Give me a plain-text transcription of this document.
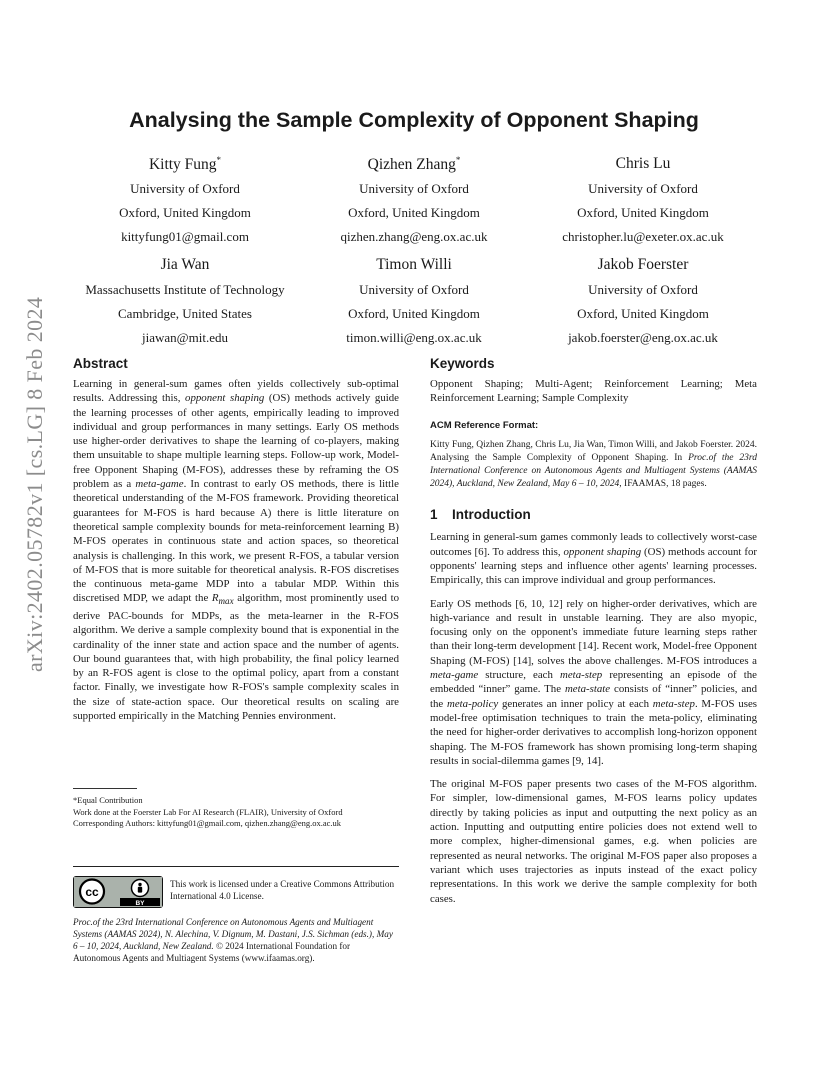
arXiv:2402.05782v1 [cs.LG] 8 Feb 2024
Analysing the Sample Complexity of Opponent Shaping
Kitty Fung*
University of Oxford
Oxford, United Kingdom
kittyfung01@gmail.com
Qizhen Zhang*
University of Oxford
Oxford, United Kingdom
qizhen.zhang@eng.ox.ac.uk
Chris Lu
University of Oxford
Oxford, United Kingdom
christopher.lu@exeter.ox.ac.uk
Jia Wan
Massachusetts Institute of Technology
Cambridge, United States
jiawan@mit.edu
Timon Willi
University of Oxford
Oxford, United Kingdom
timon.willi@eng.ox.ac.uk
Jakob Foerster
University of Oxford
Oxford, United Kingdom
jakob.foerster@eng.ox.ac.uk
Abstract

Learning in general-sum games often yields collectively sub-optimal results. Addressing this, opponent shaping (OS) methods actively guide the learning processes of other agents, empirically leading to improved individual and group performances in many settings. Early OS methods use higher-order derivatives to shape the learning of co-players, making them unsuitable to shape multiple learning steps. Follow-up work, Model-free Opponent Shaping (M-FOS), addresses these by reframing the OS problem as a meta-game. In contrast to early OS methods, there is little theoretical understanding of the M-FOS framework. Providing theoretical guarantees for M-FOS is hard because A) there is little literature on theoretical sample complexity bounds for meta-reinforcement learning B) M-FOS operates in continuous state and action spaces, so theoretical analysis is challenging. In this work, we present R-FOS, a tabular version of M-FOS that is more suitable for theoretical analysis. R-FOS discretises the continuous meta-game MDP into a tabular MDP. Within this discretised MDP, we adapt the $R_{max}$ algorithm, most prominently used to derive PAC-bounds for MDPs, as the meta-learner in the R-FOS algorithm. We derive a sample complexity bound that is exponential in the cardinality of the inner state and action space and the number of agents. Our bound guarantees that, with high probability, the final policy learned by an R-FOS agent is close to the optimal policy, apart from a constant factor. Finally, we investigate how R-FOS's sample complexity scales in the size of state-action space. Our theoretical results on scaling are supported empirically in the Matching Pennies environment.

*Equal Contribution
Work done at the Foerster Lab For AI Research (FLAIR), University of Oxford
Corresponding Authors: kittyfung01@gmail.com, qizhen.zhang@eng.ox.ac.uk
cc
BY
This work is licensed under a Creative Commons Attribution International 4.0 License.
Proc.of the 23rd International Conference on Autonomous Agents and Multiagent Systems (AAMAS 2024), N. Alechina, V. Dignum, M. Dastani, J.S. Sichman (eds.), May 6 – 10, 2024, Auckland, New Zealand. © 2024 International Foundation for Autonomous Agents and Multiagent Systems (www.ifaamas.org).
Keywords

Opponent Shaping; Multi-Agent; Reinforcement Learning; Meta Reinforcement Learning; Sample Complexity

ACM Reference Format:

Kitty Fung, Qizhen Zhang, Chris Lu, Jia Wan, Timon Willi, and Jakob Foerster. 2024. Analysing the Sample Complexity of Opponent Shaping. In Proc.of the 23rd International Conference on Autonomous Agents and Multiagent Systems (AAMAS 2024), Auckland, New Zealand, May 6 – 10, 2024, IFAAMAS, 18 pages.

1 Introduction

Learning in general-sum games commonly leads to collectively worst-case outcomes [6]. To address this, opponent shaping (OS) methods account for opponents' learning steps and influence other agents' learning processes. Empirically, this can improve individual and group performances.

Early OS methods [6, 10, 12] rely on higher-order derivatives, which are high-variance and result in unstable learning. They are also myopic, focusing only on the opponent's immediate future learning steps rather than their long-term development [14]. Recent work, Model-free Opponent Shaping (M-FOS) [14], solves the above challenges. M-FOS introduces a meta-game structure, each meta-step representing an episode of the embedded “inner” game. The meta-state consists of “inner” policies, and the meta-policy generates an inner policy at each meta-step. M-FOS uses model-free optimisation techniques to train the meta-policy, eliminating the need for higher-order derivatives to accomplish long-horizon opponent shaping. The M-FOS framework has shown promising long-term shaping results in social-dilemma games [9, 14].

The original M-FOS paper presents two cases of the M-FOS algorithm. For simpler, low-dimensional games, M-FOS learns policy updates directly by taking policies as input and outputting the next policy as an action. Inputting and outputting entire policies does not extend well to more complex, higher-dimensional games, e.g. when policies are represented as neural networks. The original M-FOS paper also proposes a variant which uses trajectories as inputs instead of the exact policy representations. In this work we derive the sample complexity for both cases.
